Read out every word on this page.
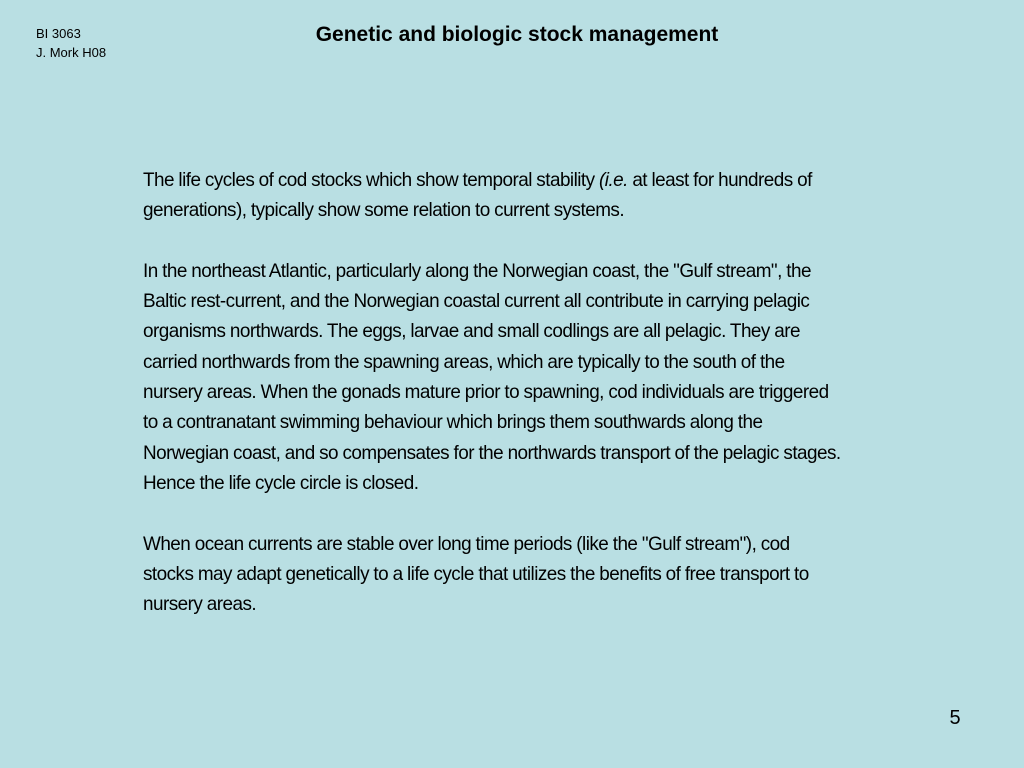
BI 3063
J. Mork H08
Genetic and biologic stock management

The life cycles of cod stocks which show temporal stability (i.e. at least for hundreds of generations), typically show some relation to current systems.

In the northeast Atlantic, particularly along the Norwegian coast, the "Gulf stream", the Baltic rest-current, and the Norwegian coastal current all contribute in carrying pelagic organisms northwards. The eggs, larvae and small codlings are all pelagic. They are carried northwards from the spawning areas, which are typically to the south of the nursery areas. When the gonads mature prior to spawning, cod individuals are triggered to a contranatant swimming behaviour which brings them southwards along the Norwegian coast, and so compensates for the northwards transport of the pelagic stages. Hence the life cycle circle is closed.

When ocean currents are stable over long time periods (like the "Gulf stream"), cod stocks may adapt genetically to a life cycle that utilizes the benefits of free transport to nursery areas.

5
